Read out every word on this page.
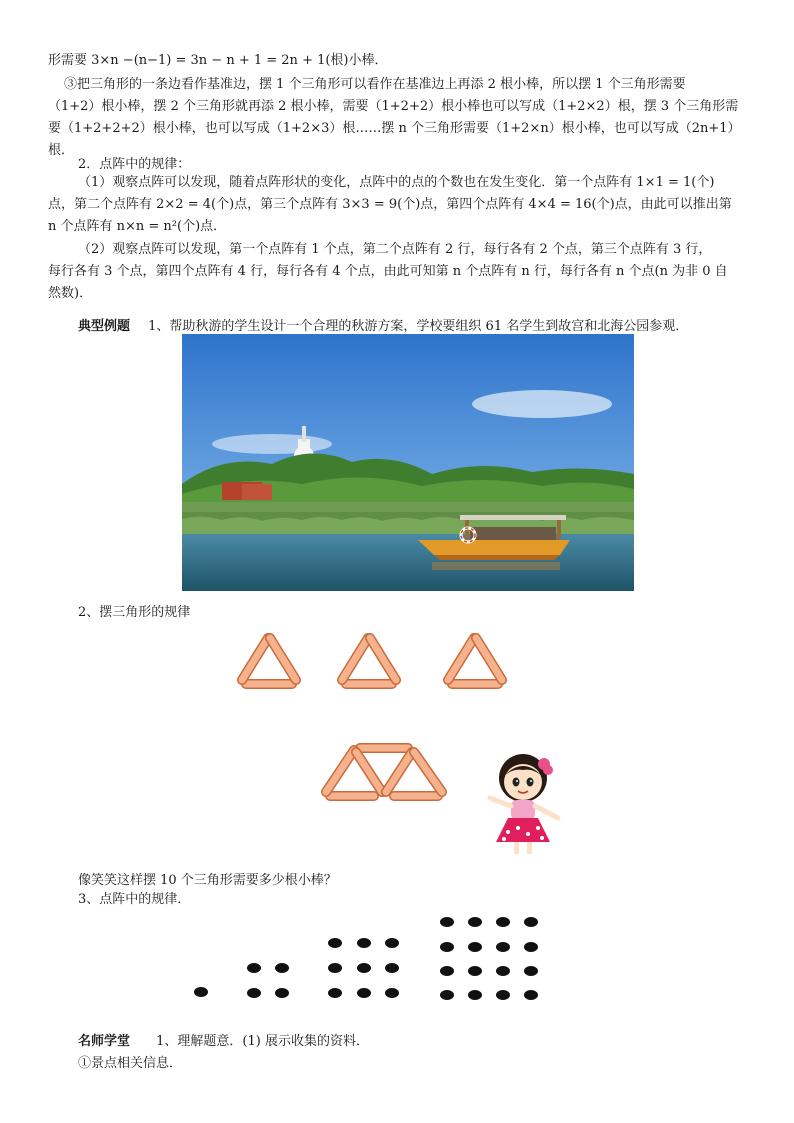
形需要 3×n −(n−1) = 3n − n + 1 = 2n + 1(根)小棒．
③把三角形的一条边看作基准边，摆 1 个三角形可以看作在基准边上再添 2 根小棒，所以摆 1 个三角形需要
（1+2）根小棒，摆 2 个三角形就再添 2 根小棒，需要（1+2+2）根小棒也可以写成（1+2×2）根，摆 3 个三角形需
要（1+2+2+2）根小棒，也可以写成（1+2×3）根……摆 n 个三角形需要（1+2×n）根小棒，也可以写成（2n+1）
根．
2．点阵中的规律：
（1）观察点阵可以发现，随着点阵形状的变化，点阵中的点的个数也在发生变化．第一个点阵有 1×1 = 1(个)
点，第二个点阵有 2×2 = 4(个)点，第三个点阵有 3×3 = 9(个)点，第四个点阵有 4×4 = 16(个)点，由此可以推出第
n 个点阵有 n×n = n²(个)点．
（2）观察点阵可以发现，第一个点阵有 1 个点，第二个点阵有 2 行，每行各有 2 个点，第三个点阵有 3 行，
每行各有 3 个点，第四个点阵有 4 行，每行各有 4 个点，由此可知第 n 个点阵有 n 行，每行各有 n 个点(n 为非 0 自
然数)．
典型例题 1、帮助秋游的学生设计一个合理的秋游方案，学校要组织 61 名学生到故宫和北海公园参观．
2、摆三角形的规律
像笑笑这样摆 10 个三角形需要多少根小棒？
3、点阵中的规律．
名师学堂 1、理解题意．(1) 展示收集的资料．
①景点相关信息．
